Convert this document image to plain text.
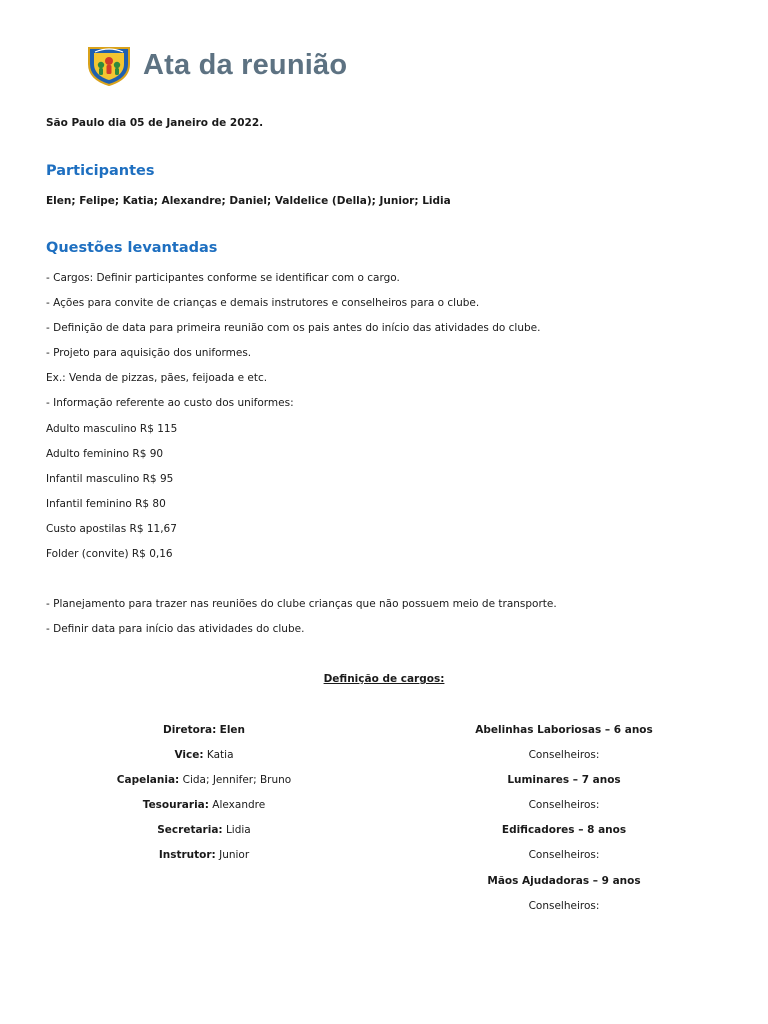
Ata da reunião
São Paulo dia 05 de Janeiro de 2022.
Participantes
Elen; Felipe; Katia; Alexandre; Daniel; Valdelice (Della); Junior; Lidia
Questões levantadas
- Cargos: Definir participantes conforme se identificar com o cargo.
- Ações para convite de crianças e demais instrutores e conselheiros para o clube.
- Definição de data para primeira reunião com os pais antes do início das atividades do clube.
- Projeto para aquisição dos uniformes.
Ex.: Venda de pizzas, pães, feijoada e etc.
- Informação referente ao custo dos uniformes:
Adulto masculino R$ 115
Adulto feminino R$ 90
Infantil masculino R$ 95
Infantil feminino R$ 80
Custo apostilas R$ 11,67
Folder (convite) R$ 0,16
- Planejamento para trazer nas reuniões do clube crianças que não possuem meio de transporte.
- Definir data para início das atividades do clube.
Definição de cargos:
Diretora: Elen
Vice: Katia
Capelania: Cida; Jennifer; Bruno
Tesouraria: Alexandre
Secretaria: Lidia
Instrutor: Junior
Abelinhas Laboriosas – 6 anos
Conselheiros:
Luminares – 7 anos
Conselheiros:
Edificadores – 8 anos
Conselheiros:
Mãos Ajudadoras – 9 anos
Conselheiros:
